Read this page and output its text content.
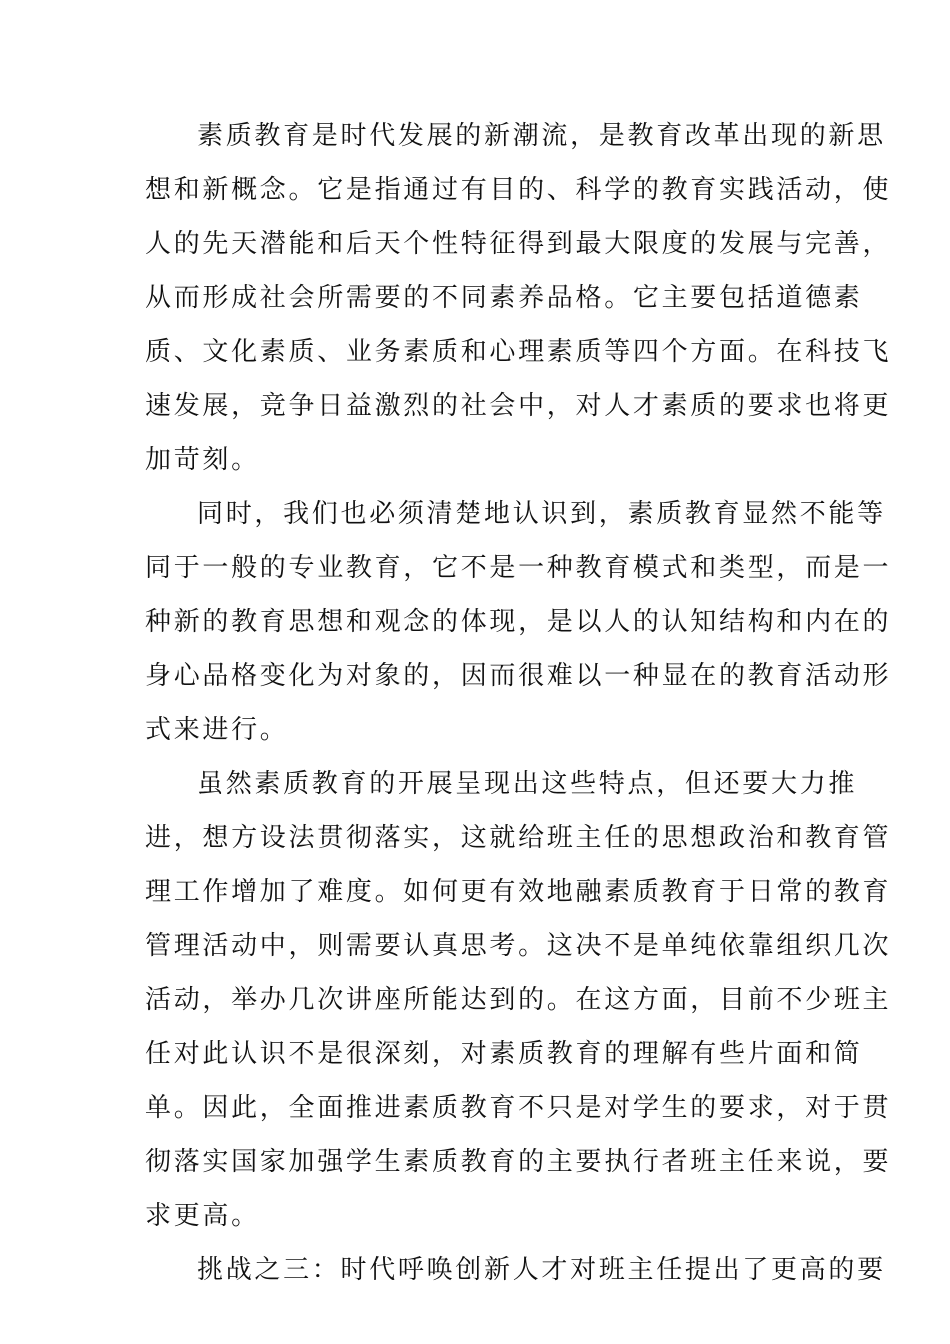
素质教育是时代发展的新潮流，是教育改革出现的新思
想和新概念。它是指通过有目的、科学的教育实践活动，使
人的先天潜能和后天个性特征得到最大限度的发展与完善，
从而形成社会所需要的不同素养品格。它主要包括道德素
质、文化素质、业务素质和心理素质等四个方面。在科技飞
速发展，竞争日益激烈的社会中，对人才素质的要求也将更
加苛刻。
同时，我们也必须清楚地认识到，素质教育显然不能等
同于一般的专业教育，它不是一种教育模式和类型，而是一
种新的教育思想和观念的体现，是以人的认知结构和内在的
身心品格变化为对象的，因而很难以一种显在的教育活动形
式来进行。
虽然素质教育的开展呈现出这些特点，但还要大力推
进，想方设法贯彻落实，这就给班主任的思想政治和教育管
理工作增加了难度。如何更有效地融素质教育于日常的教育
管理活动中，则需要认真思考。这决不是单纯依靠组织几次
活动，举办几次讲座所能达到的。在这方面，目前不少班主
任对此认识不是很深刻，对素质教育的理解有些片面和简
单。因此，全面推进素质教育不只是对学生的要求，对于贯
彻落实国家加强学生素质教育的主要执行者班主任来说，要
求更高。
挑战之三：时代呼唤创新人才对班主任提出了更高的要
